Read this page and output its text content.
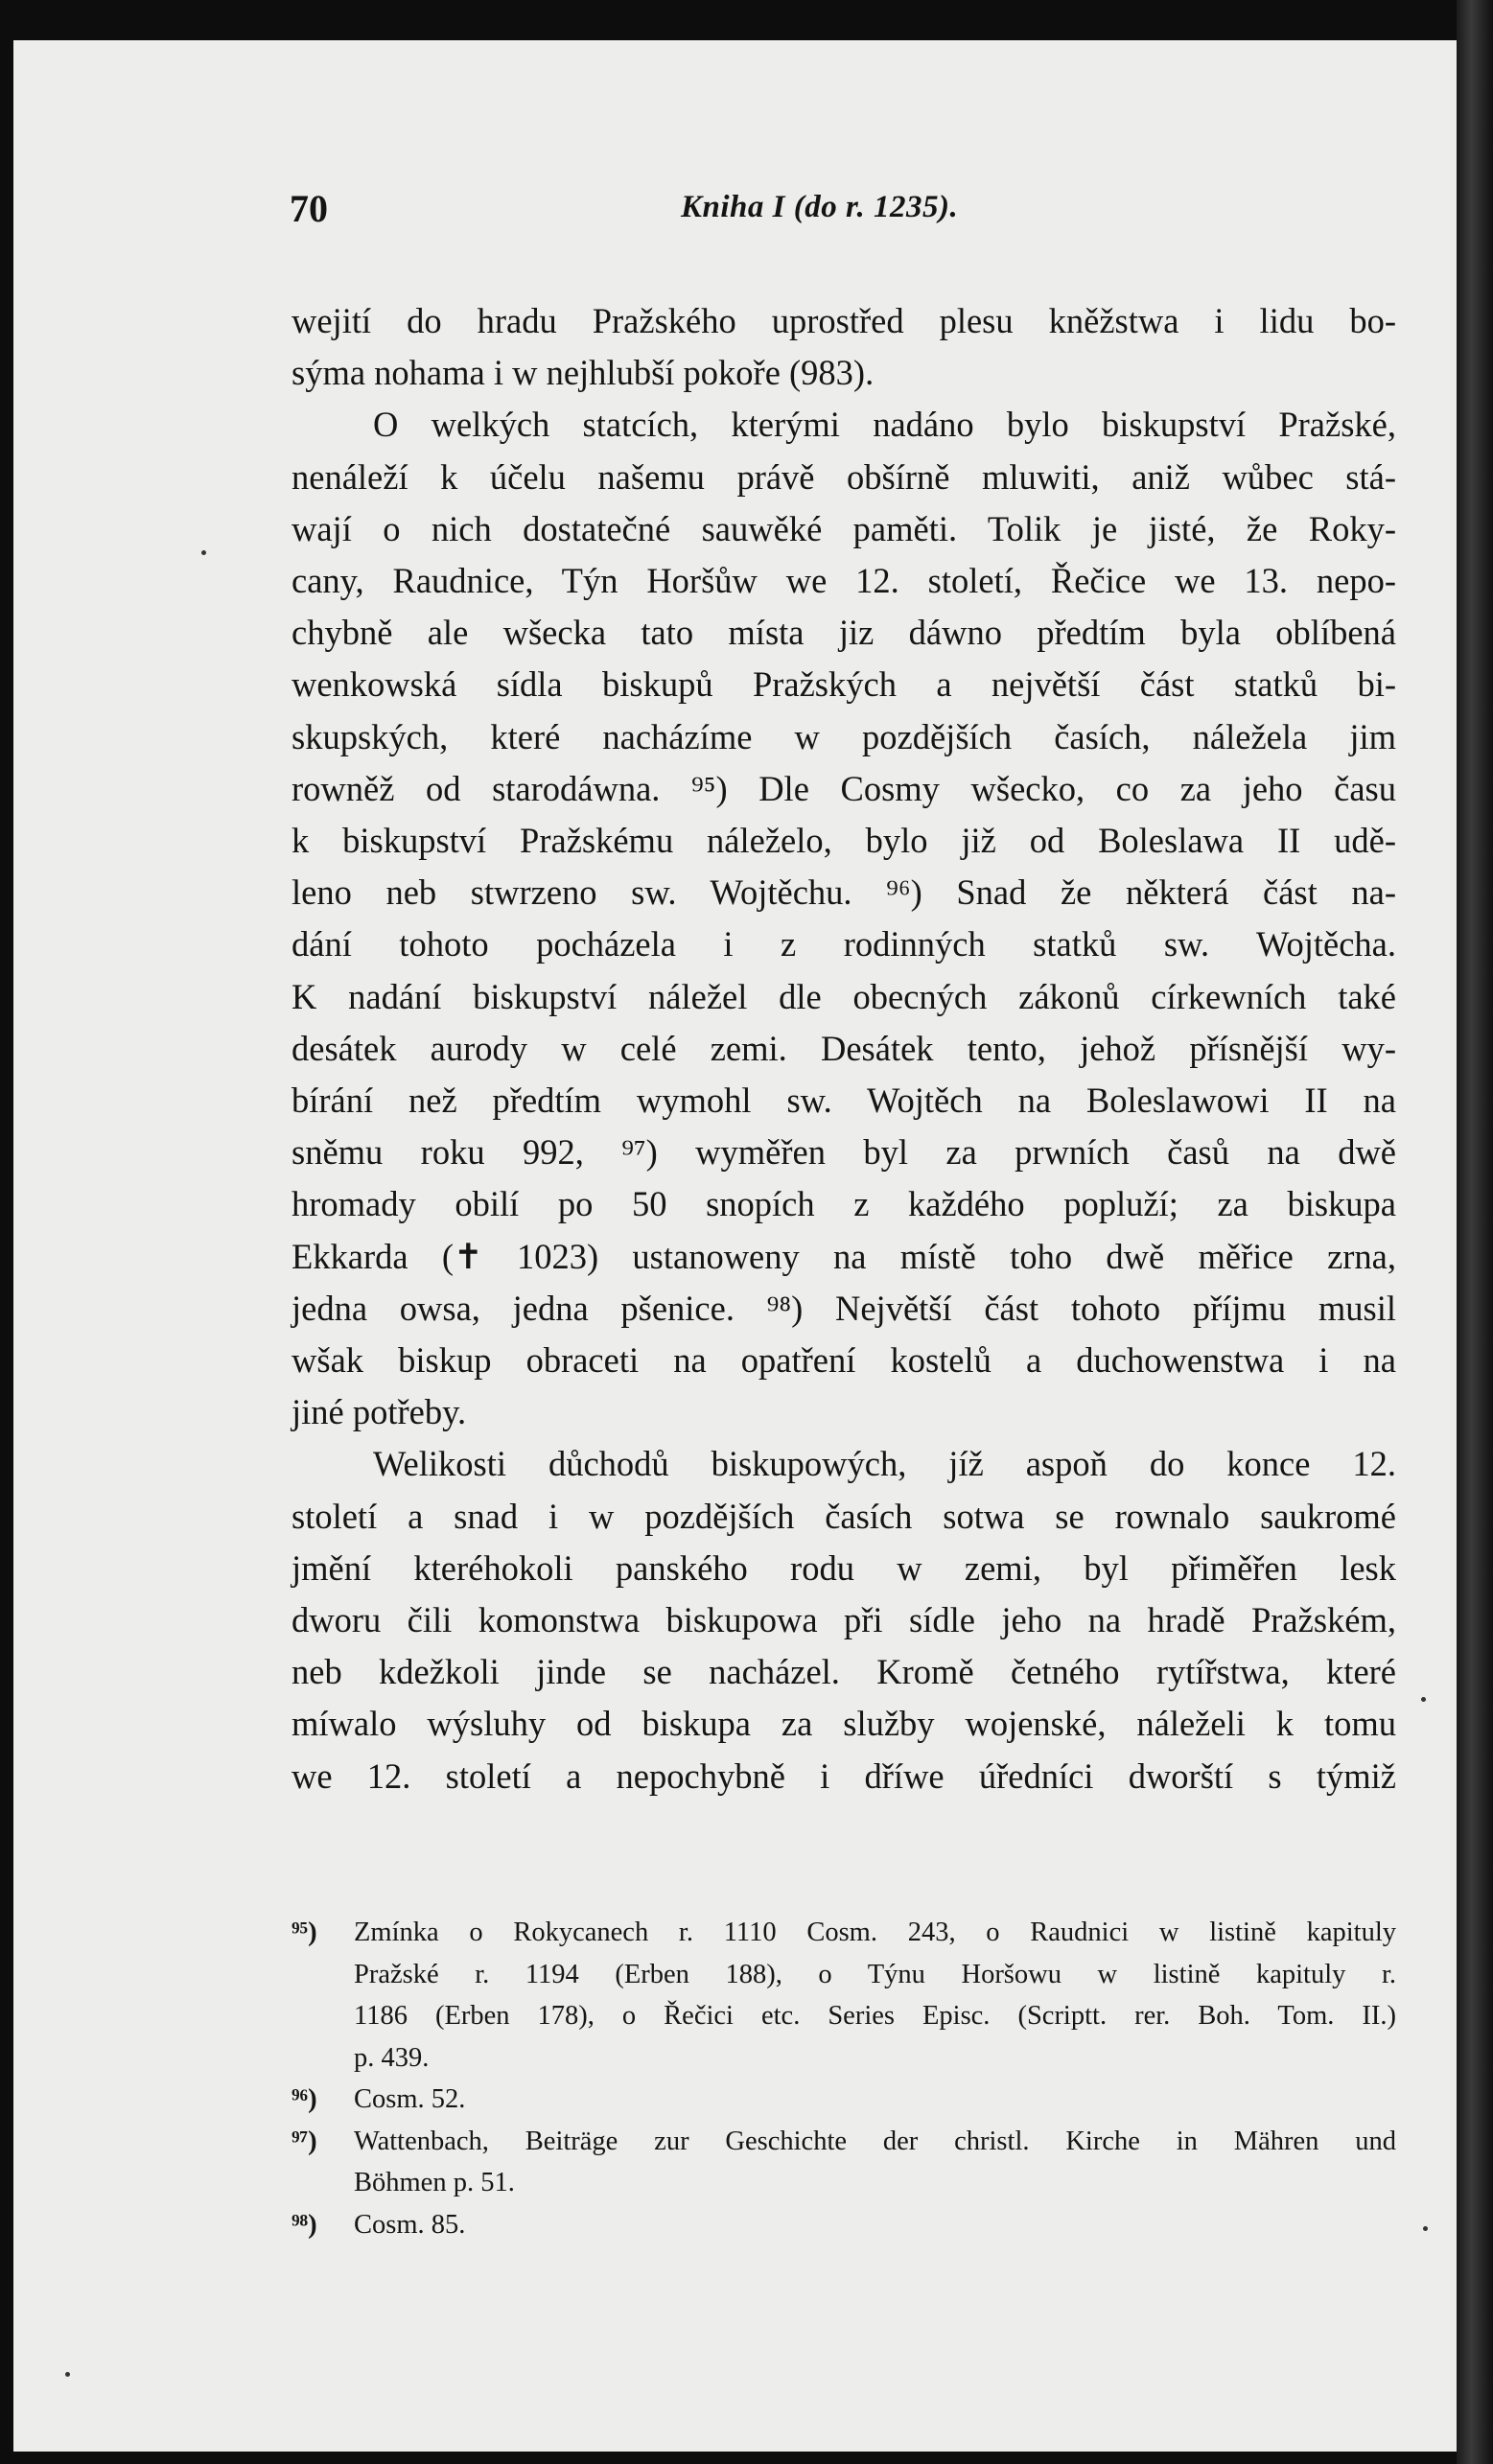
70	Kniha I (do r. 1235).
wejití do hradu Pražského uprostřed plesu kněžstwa i lidu bo-
sýma nohama i w nejhlubší pokoře (983).
O welkých statcích, kterými nadáno bylo biskupství Pražské,
nenáleží k účelu našemu právě obšírně mluwiti, aniž wůbec stá-
wají o nich dostatečné sauwěké paměti. Tolik je jisté, že Roky-
cany, Raudnice, Týn Horšůw we 12. století, Řečice we 13. nepo-
chybně ale wšecka tato místa jiz dáwno předtím byla oblíbená
wenkowská sídla biskupů Pražských a největší část statků bi-
skupských, které nacházíme w pozdějších časích, náležela jim
rowněž od starodáwna. ⁹⁵) Dle Cosmy wšecko, co za jeho času
k biskupství Pražskému náleželo, bylo již od Boleslawa II udě-
leno neb stwrzeno sw. Wojtěchu. ⁹⁶) Snad že některá část na-
dání tohoto pocházela i z rodinných statků sw. Wojtěcha.
K nadání biskupství náležel dle obecných zákonů církewních také
desátek aurody w celé zemi. Desátek tento, jehož přísnější wy-
bírání než předtím wymohl sw. Wojtěch na Boleslawowi II na
sněmu roku 992, ⁹⁷) wyměřen byl za prwních časů na dwě
hromady obilí po 50 snopích z každého popluží; za biskupa
Ekkarda (✝ 1023) ustanoweny na místě toho dwě měřice zrna,
jedna owsa, jedna pšenice. ⁹⁸) Největší část tohoto příjmu musil
wšak biskup obraceti na opatření kostelů a duchowenstwa i na
jiné potřeby.
Welikosti důchodů biskupowých, jíž aspoň do konce 12.
století a snad i w pozdějších časích sotwa se rownalo saukromé
jmění kteréhokoli panského rodu w zemi, byl přiměřen lesk
dworu čili komonstwa biskupowa při sídle jeho na hradě Pražském,
neb kdežkoli jinde se nacházel. Kromě četného rytířstwa, které
míwalo wýsluhy od biskupa za služby wojenské, náleželi k tomu
we 12. století a nepochybně i dříwe úředníci dworští s týmiž
⁹⁵) Zmínka o Rokycanech r. 1110 Cosm. 243, o Raudnici w listině kapituly
Pražské r. 1194 (Erben 188), o Týnu Horšowu w listině kapituly r.
1186 (Erben 178), o Řečici etc. Series Episc. (Scriptt. rer. Boh. Tom. II.)
p. 439.
⁹⁶) Cosm. 52.
⁹⁷) Wattenbach, Beiträge zur Geschichte der christl. Kirche in Mähren und
Böhmen p. 51.
⁹⁸) Cosm. 85.
